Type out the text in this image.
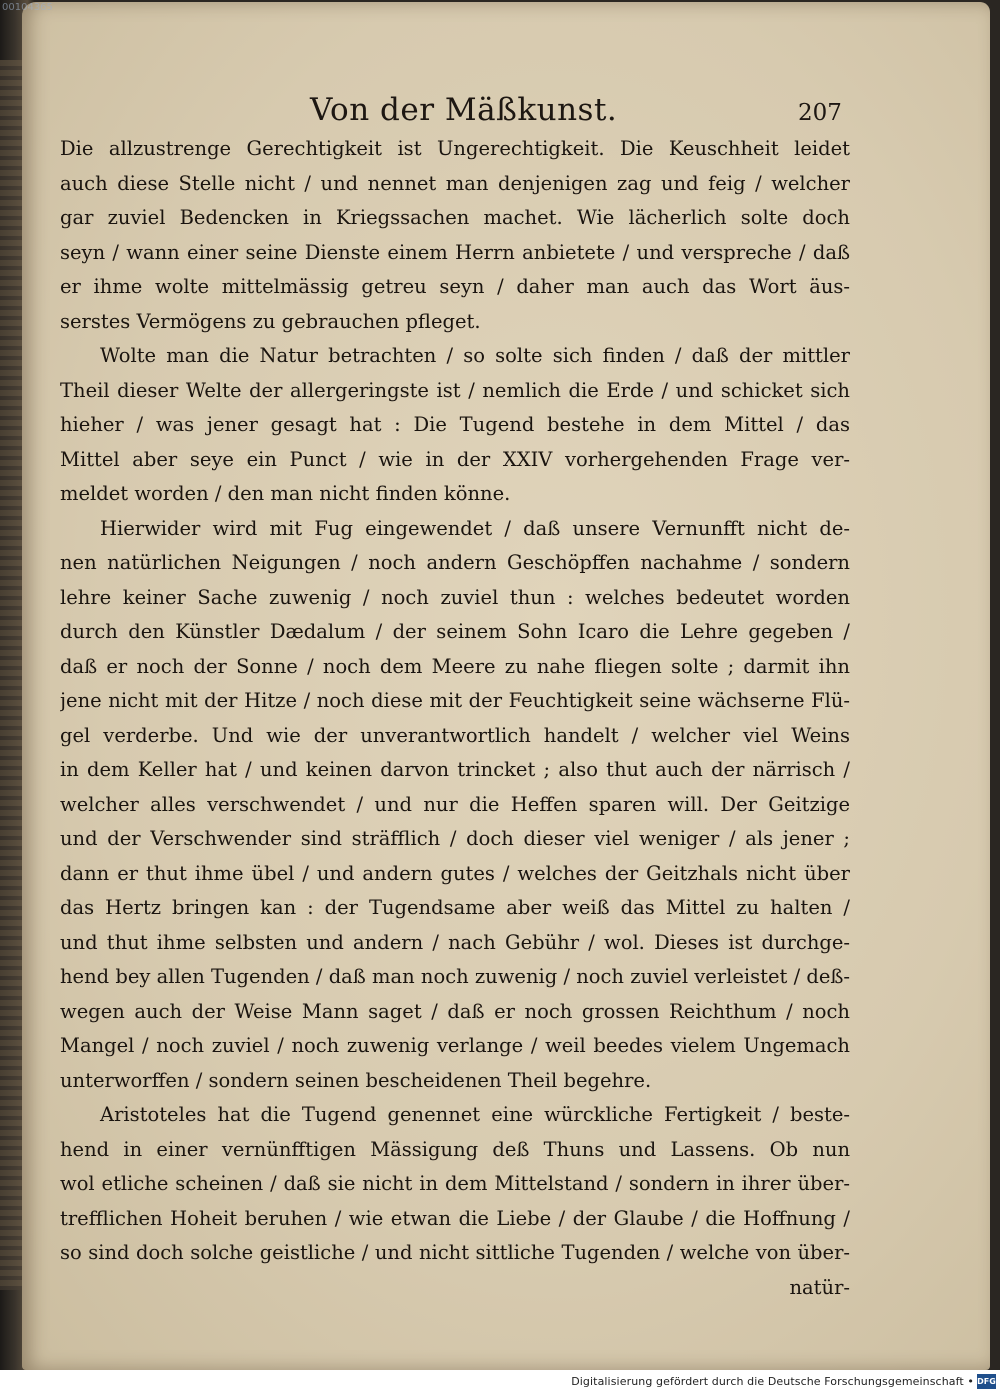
00104365
Von der Mäßkunst.	207
Die allzustrenge Gerechtigkeit ist Ungerechtigkeit. Die Keuschheit leidet
auch diese Stelle nicht / und nennet man denjenigen zag und feig / welcher
gar zuviel Bedencken in Kriegssachen machet. Wie lächerlich solte doch
seyn / wann einer seine Dienste einem Herrn anbietete / und verspreche / daß
er ihme wolte mittelmässig getreu seyn / daher man auch das Wort äus-
serstes Vermögens zu gebrauchen pfleget.
Wolte man die Natur betrachten / so solte sich finden / daß der mittler
Theil dieser Welte der allergeringste ist / nemlich die Erde / und schicket sich
hieher / was jener gesagt hat : Die Tugend bestehe in dem Mittel / das
Mittel aber seye ein Punct / wie in der XXIV vorhergehenden Frage ver-
meldet worden / den man nicht finden könne.
Hierwider wird mit Fug eingewendet / daß unsere Vernunfft nicht de-
nen natürlichen Neigungen / noch andern Geschöpffen nachahme / sondern
lehre keiner Sache zuwenig / noch zuviel thun : welches bedeutet worden
durch den Künstler Dædalum / der seinem Sohn Icaro die Lehre gegeben /
daß er noch der Sonne / noch dem Meere zu nahe fliegen solte ; darmit ihn
jene nicht mit der Hitze / noch diese mit der Feuchtigkeit seine wächserne Flü-
gel verderbe. Und wie der unverantwortlich handelt / welcher viel Weins
in dem Keller hat / und keinen darvon trincket ; also thut auch der närrisch /
welcher alles verschwendet / und nur die Heffen sparen will. Der Geitzige
und der Verschwender sind sträfflich / doch dieser viel weniger / als jener ;
dann er thut ihme übel / und andern gutes / welches der Geitzhals nicht über
das Hertz bringen kan : der Tugendsame aber weiß das Mittel zu halten /
und thut ihme selbsten und andern / nach Gebühr / wol. Dieses ist durchge-
hend bey allen Tugenden / daß man noch zuwenig / noch zuviel verleistet / deß-
wegen auch der Weise Mann saget / daß er noch grossen Reichthum / noch
Mangel / noch zuviel / noch zuwenig verlange / weil beedes vielem Ungemach
unterworffen / sondern seinen bescheidenen Theil begehre.
Aristoteles hat die Tugend genennet eine würckliche Fertigkeit / beste-
hend in einer vernünfftigen Mässigung deß Thuns und Lassens. Ob nun
wol etliche scheinen / daß sie nicht in dem Mittelstand / sondern in ihrer über-
trefflichen Hoheit beruhen / wie etwan die Liebe / der Glaube / die Hoffnung /
so sind doch solche geistliche / und nicht sittliche Tugenden / welche von über-
natür-
Digitalisierung gefördert durch die Deutsche Forschungsgemeinschaft • DFG
